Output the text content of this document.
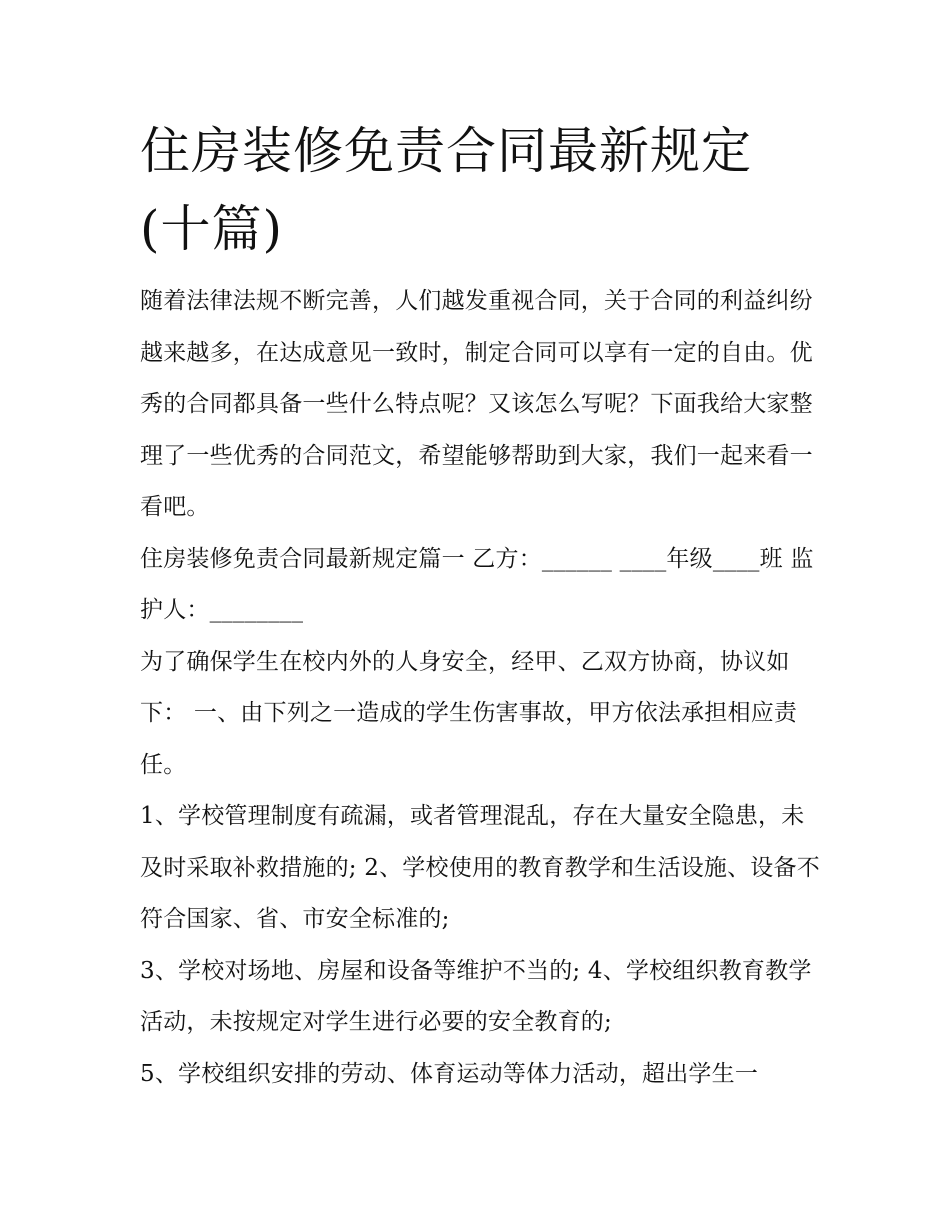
住房装修免责合同最新规定(十篇)

随着法律法规不断完善，人们越发重视合同，关于合同的利益纠纷越来越多，在达成意见一致时，制定合同可以享有一定的自由。优秀的合同都具备一些什么特点呢？又该怎么写呢？下面我给大家整理了一些优秀的合同范文，希望能够帮助到大家，我们一起来看一看吧。

住房装修免责合同最新规定篇一 乙方：______ ____年级____班 监护人：________

为了确保学生在校内外的人身安全，经甲、乙双方协商，协议如下： 一、由下列之一造成的学生伤害事故，甲方依法承担相应责任。

1、学校管理制度有疏漏，或者管理混乱，存在大量安全隐患，未及时采取补救措施的; 2、学校使用的教育教学和生活设施、设备不符合国家、省、市安全标准的;

3、学校对场地、房屋和设备等维护不当的; 4、学校组织教育教学活动，未按规定对学生进行必要的安全教育的;

5、学校组织安排的劳动、体育运动等体力活动，超出学生一
